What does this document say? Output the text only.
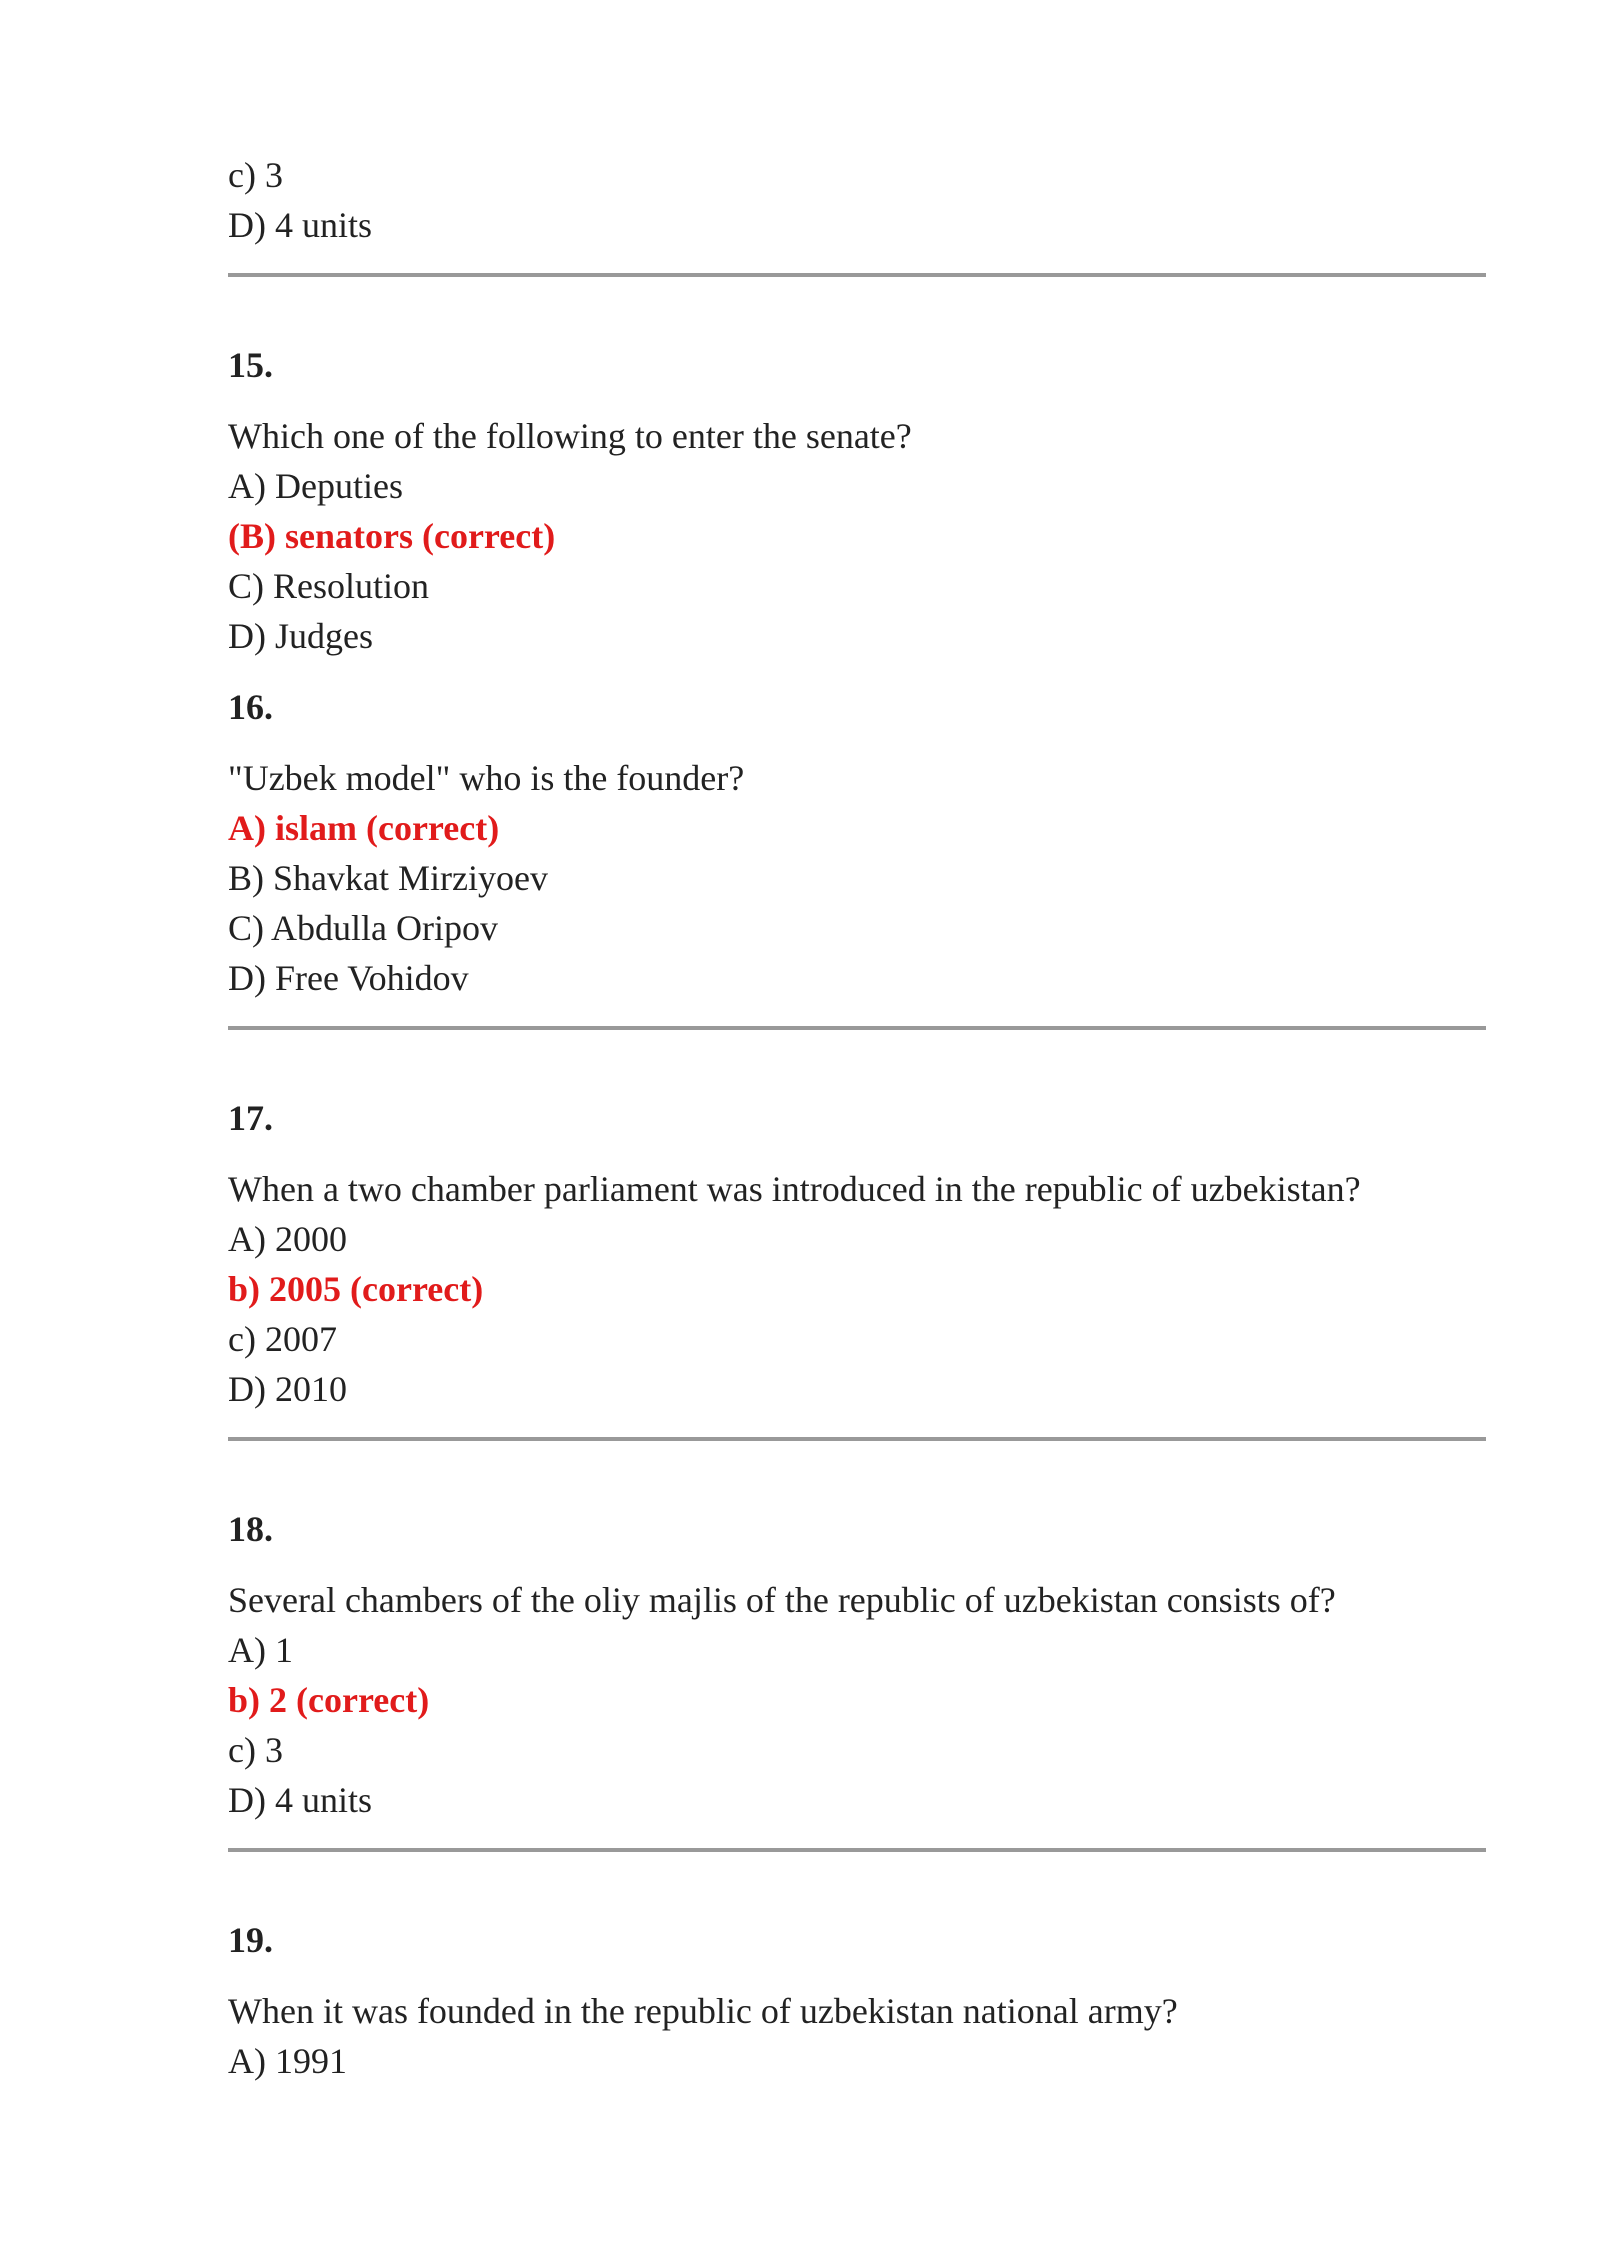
c) 3
D) 4 units
15.
Which one of the following to enter the senate?
A) Deputies
(B) senators (correct)
C) Resolution
D) Judges
16.
"Uzbek model" who is the founder?
A) islam (correct)
B) Shavkat Mirziyoev
C) Abdulla Oripov
D) Free Vohidov
17.
When a two chamber parliament was introduced in the republic of uzbekistan?
A) 2000
b) 2005 (correct)
c) 2007
D) 2010
18.
Several chambers of the oliy majlis of the republic of uzbekistan consists of?
A) 1
b) 2 (correct)
c) 3
D) 4 units
19.
When it was founded in the republic of uzbekistan national army?
A) 1991
